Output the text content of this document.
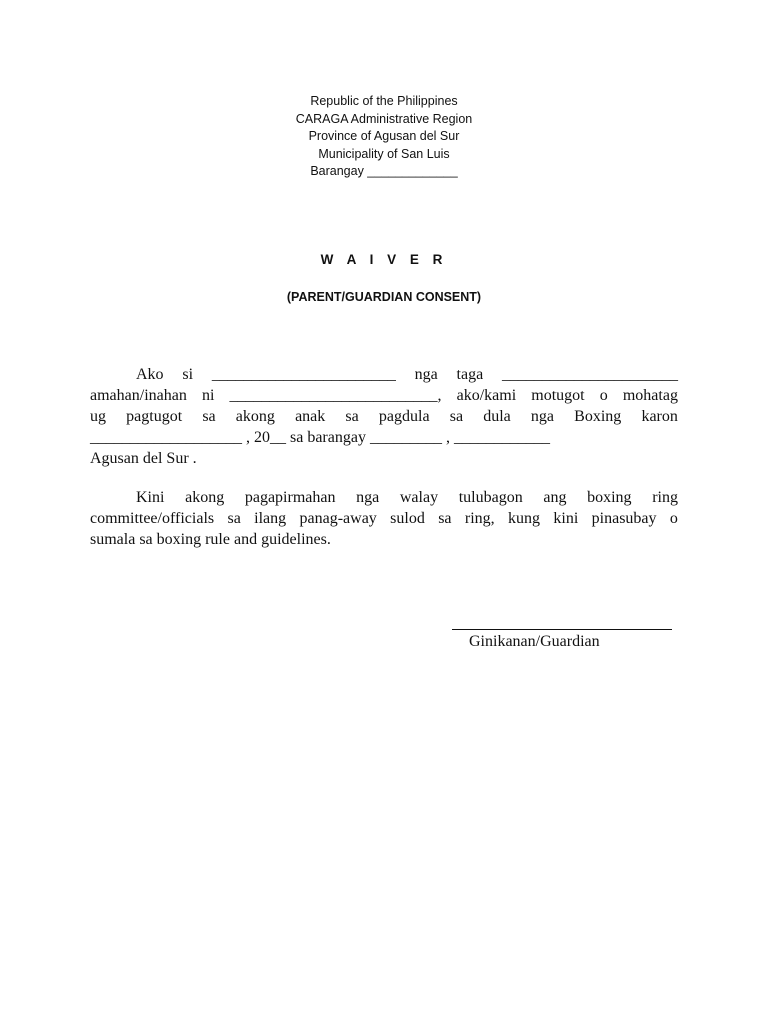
Republic of the Philippines
CARAGA Administrative Region
Province of Agusan del Sur
Municipality of San Luis
Barangay _____________
W A I V E R
(PARENT/GUARDIAN CONSENT)
Ako si _______________________ nga taga ______________________
amahan/inahan ni __________________________, ako/kami motugot o mohatag
ug pagtugot sa akong anak sa pagdula sa dula nga Boxing karon
___________________ , 20__ sa barangay _________ , ____________
Agusan del Sur .
Kini akong pagapirmahan nga walay tulubagon ang boxing ring
committee/officials sa ilang panag-away sulod sa ring, kung kini pinasubay o
sumala sa boxing rule and guidelines.
Ginikanan/Guardian
